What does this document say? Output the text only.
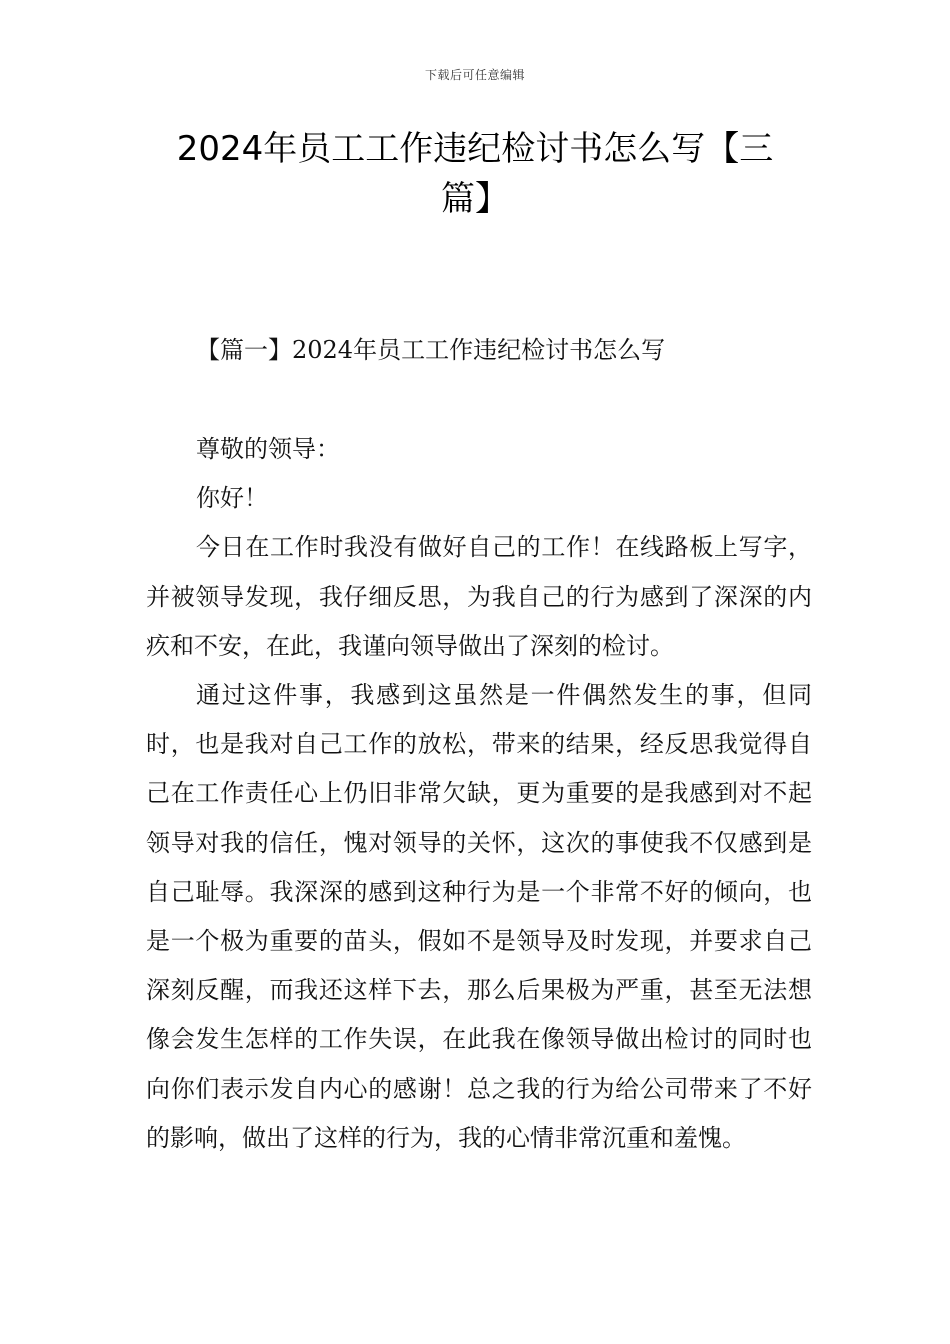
下载后可任意编辑
2024年员工工作违纪检讨书怎么写【三篇】
【篇一】2024年员工工作违纪检讨书怎么写

尊敬的领导：

你好！

今日在工作时我没有做好自己的工作！在线路板上写字，并被领导发现，我仔细反思，为我自己的行为感到了深深的内疚和不安，在此，我谨向领导做出了深刻的检讨。

通过这件事，我感到这虽然是一件偶然发生的事，但同时，也是我对自己工作的放松，带来的结果，经反思我觉得自己在工作责任心上仍旧非常欠缺，更为重要的是我感到对不起领导对我的信任，愧对领导的关怀，这次的事使我不仅感到是自己耻辱。我深深的感到这种行为是一个非常不好的倾向，也是一个极为重要的苗头，假如不是领导及时发现，并要求自己深刻反醒，而我还这样下去，那么后果极为严重，甚至无法想像会发生怎样的工作失误，在此我在像领导做出检讨的同时也向你们表示发自内心的感谢！总之我的行为给公司带来了不好的影响，做出了这样的行为，我的心情非常沉重和羞愧。
